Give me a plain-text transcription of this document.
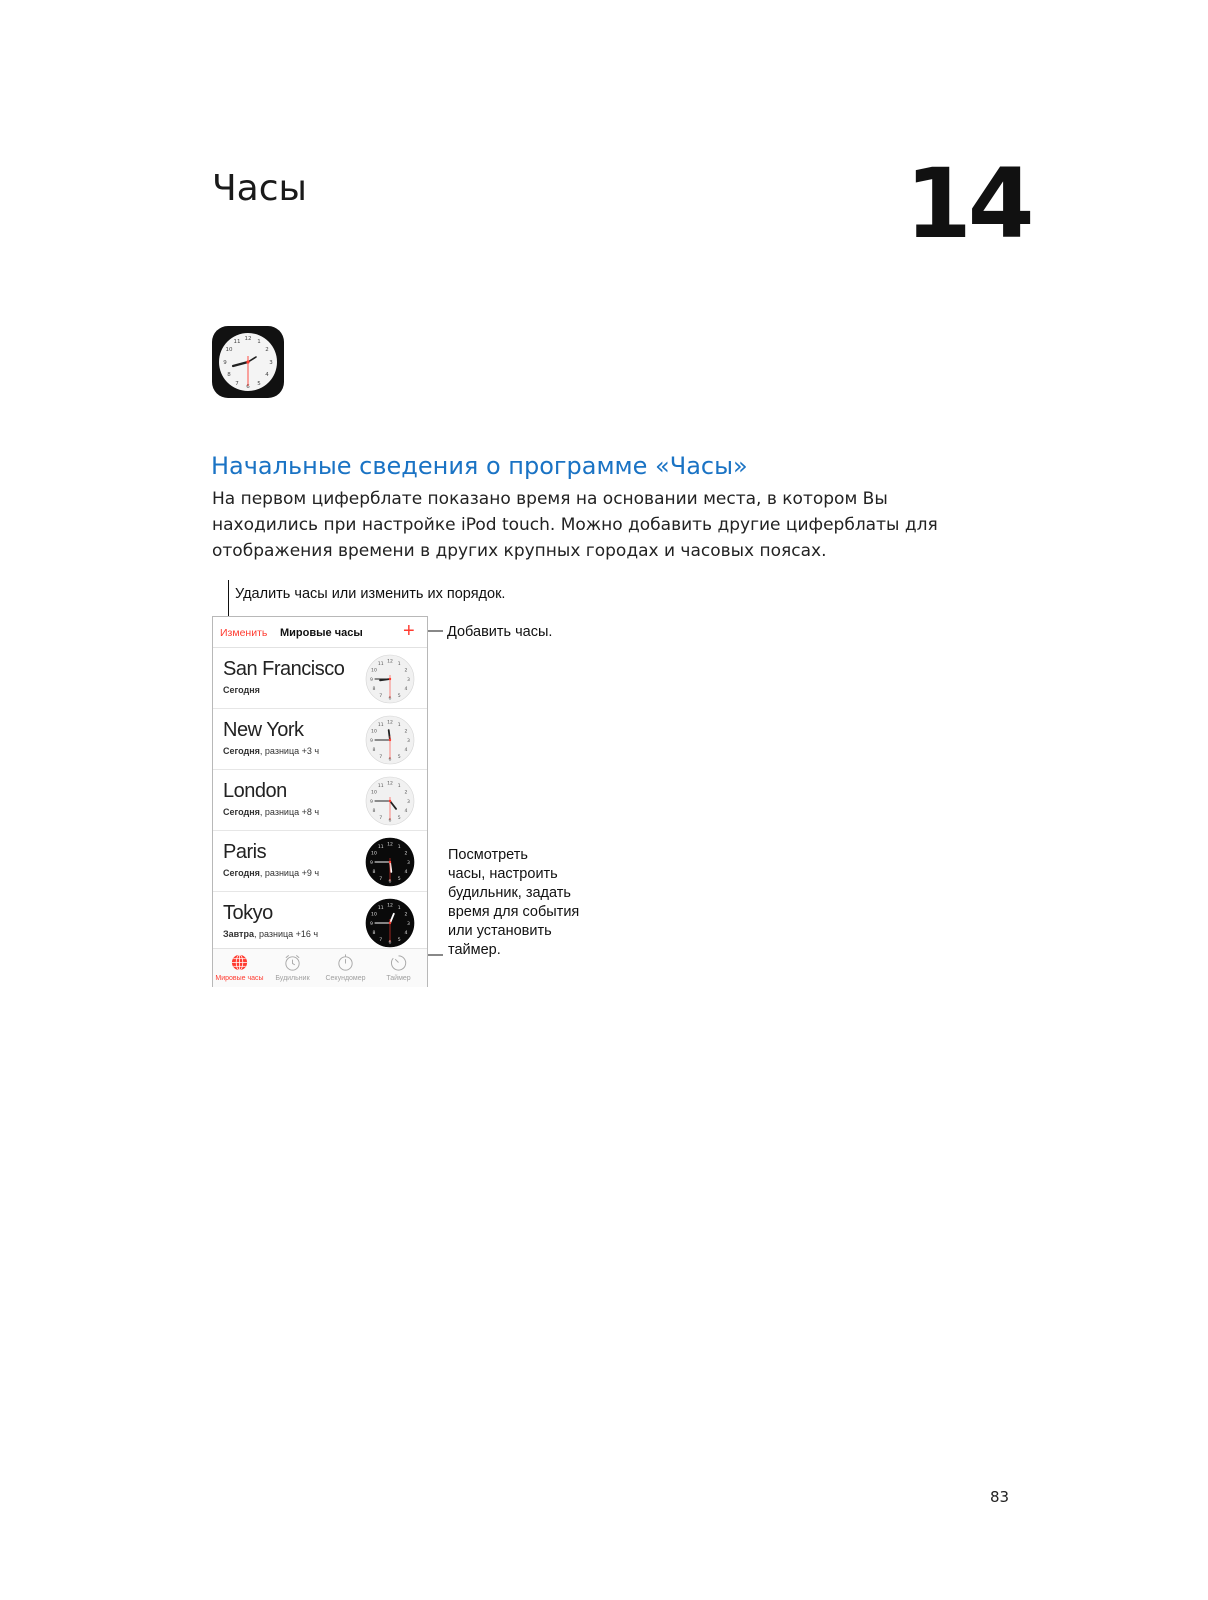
Часы	14
12 1
2
3
4
5
6
7
8
9
10
11
Начальные сведения о программе «Часы»
На первом циферблате показано время на основании места, в котором Вы находились при настройке iPod touch. Можно добавить другие циферблаты для отображения времени в других крупных городах и часовых поясах.
Удалить часы или изменить их порядок.
Добавить часы.
Посмотреть
часы, настроить
будильник, задать
время для события
или установить
таймер.
Изменить Мировые часы +
San Francisco
Сегодня
1
2
3
4
5
6
7
8
9
10
11 12
New York
Сегодня, разница +3 ч
1
2
3
4
5
6
7
8
9
10
11 12
London
Сегодня, разница +8 ч
1
2
3
4
5
6
7
8
9
10
11 12
Paris
Сегодня, разница +9 ч
1
2
3
4
5
6
7
8
9
10
11 12
Tokyo
Завтра, разница +16 ч
1
2
3
4
5
6
7
8
9
10
11 12
Мировые часы	Будильник	Секундомер	Таймер
83
